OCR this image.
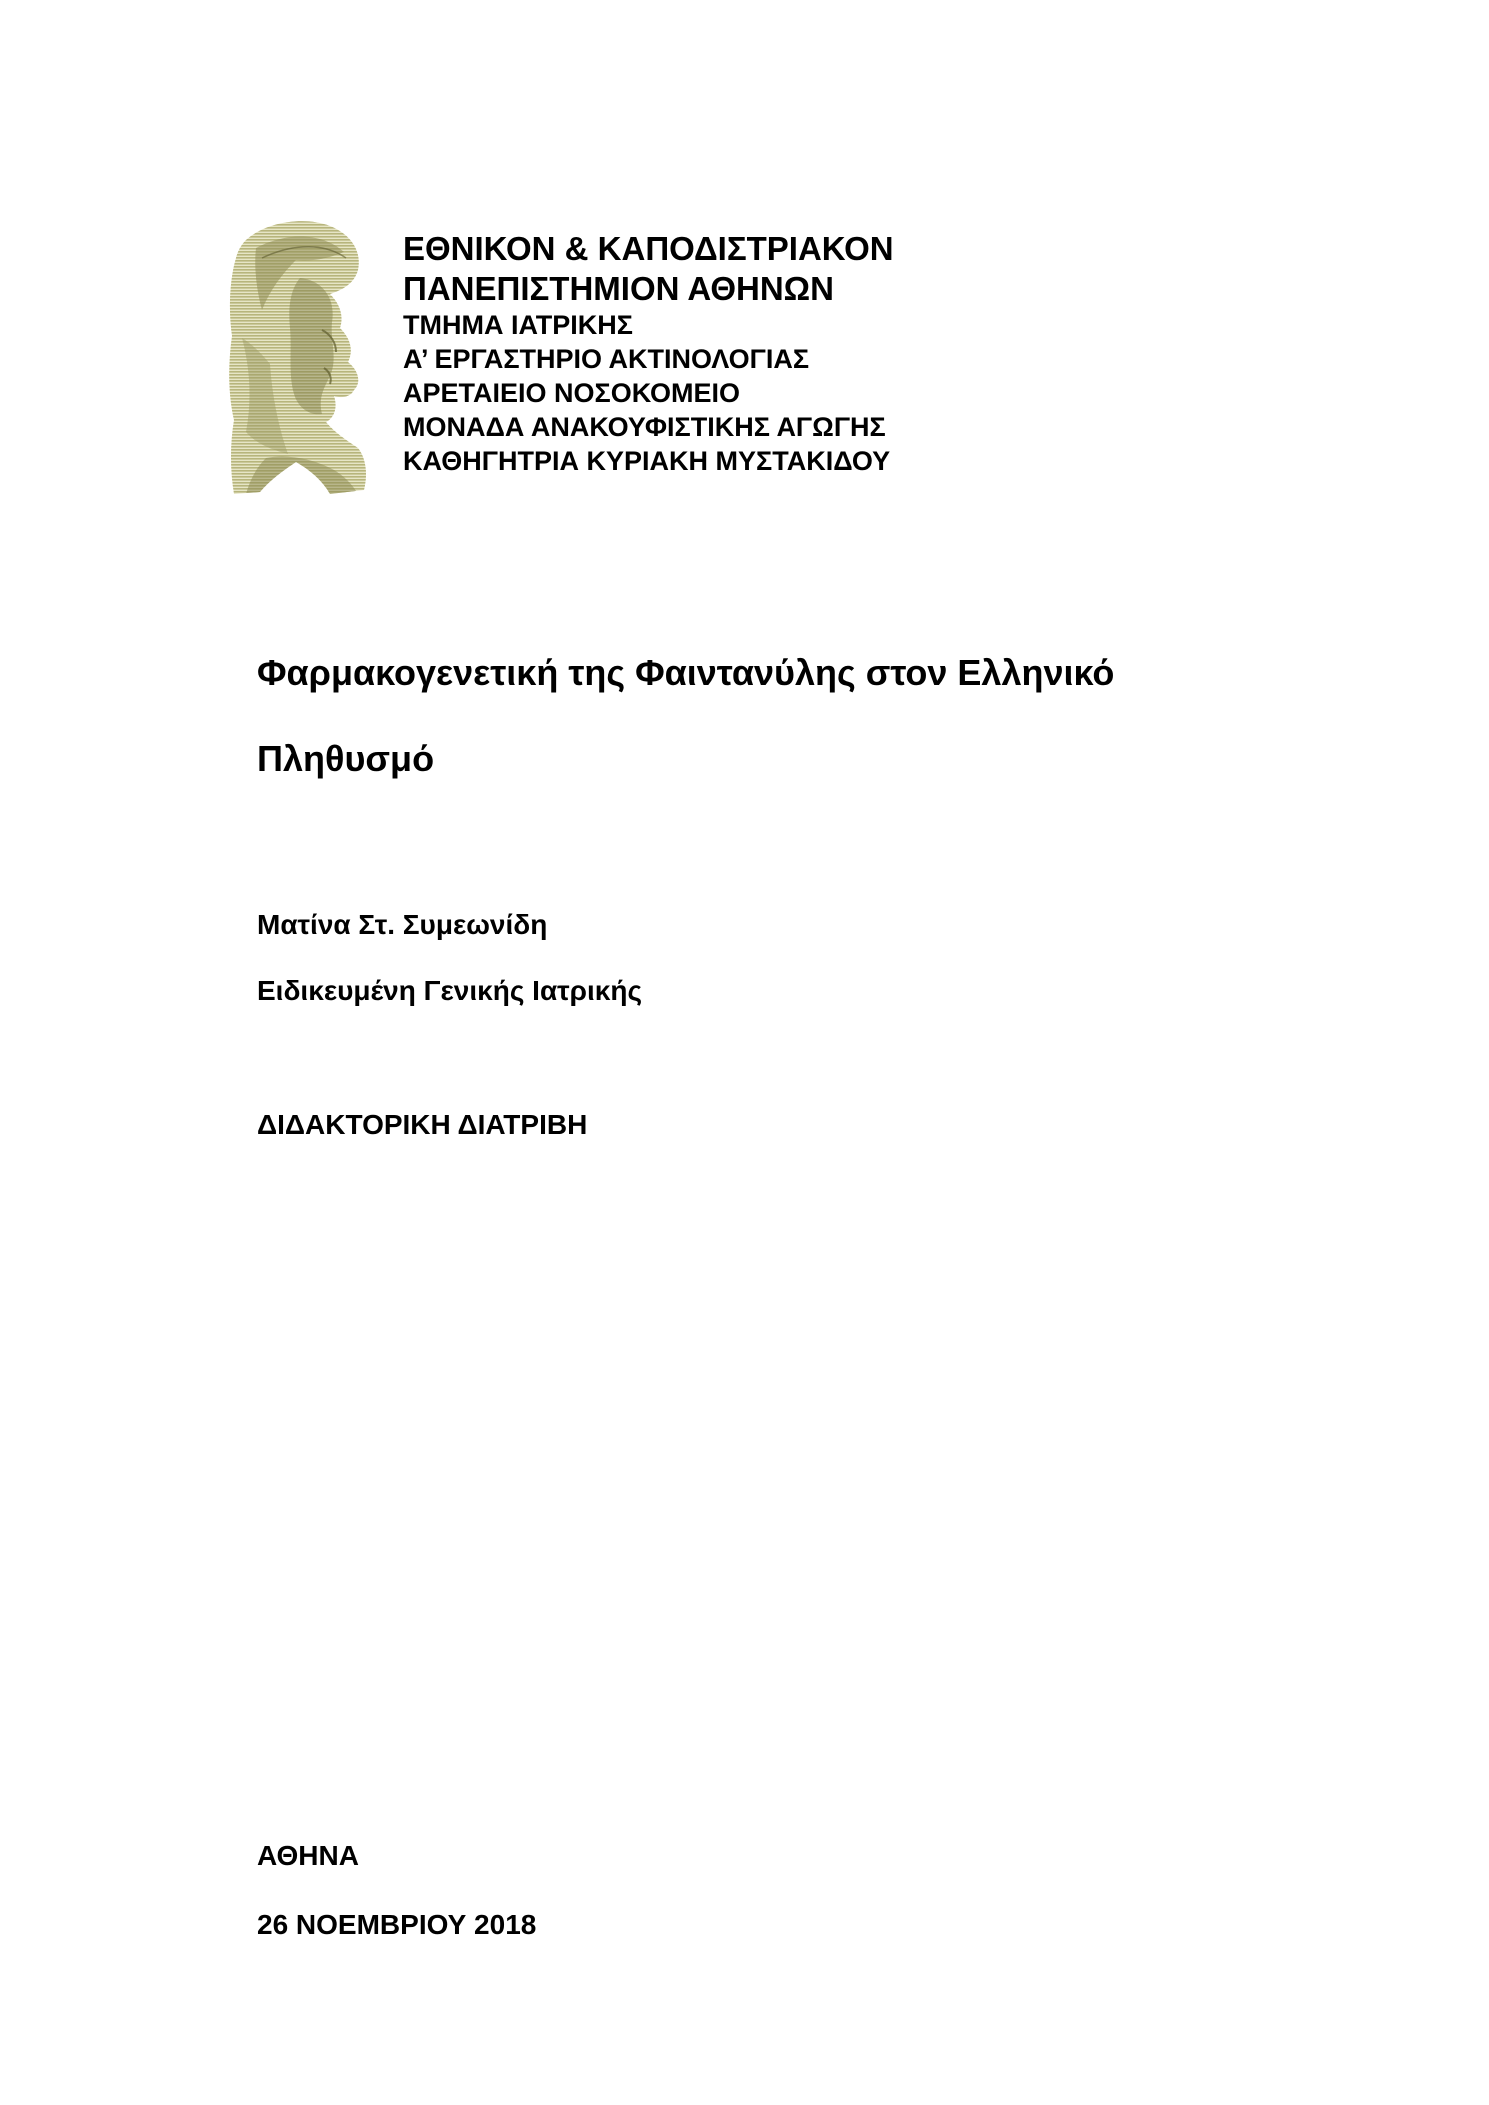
ΕΘΝΙΚΟΝ & ΚΑΠΟΔΙΣΤΡΙΑΚΟΝ
ΠΑΝΕΠΙΣΤΗΜΙΟΝ ΑΘΗΝΩΝ
ΤΜΗΜΑ ΙΑΤΡΙΚΗΣ
Α’ ΕΡΓΑΣΤΗΡΙΟ ΑΚΤΙΝΟΛΟΓΙΑΣ
ΑΡΕΤΑΙΕΙΟ ΝΟΣΟΚΟΜΕΙΟ
ΜΟΝΑΔΑ ΑΝΑΚΟΥΦΙΣΤΙΚΗΣ ΑΓΩΓΗΣ
ΚΑΘΗΓΗΤΡΙΑ ΚΥΡΙΑΚΗ ΜΥΣΤΑΚΙΔΟΥ
Φαρμακογενετική της Φαιντανύλης στον Ελληνικό
Πληθυσμό
Ματίνα Στ. Συμεωνίδη
Ειδικευμένη Γενικής Ιατρικής
ΔΙΔΑΚΤΟΡΙΚΗ ΔΙΑΤΡΙΒΗ
ΑΘΗΝΑ
26 ΝΟΕΜΒΡΙΟΥ 2018
